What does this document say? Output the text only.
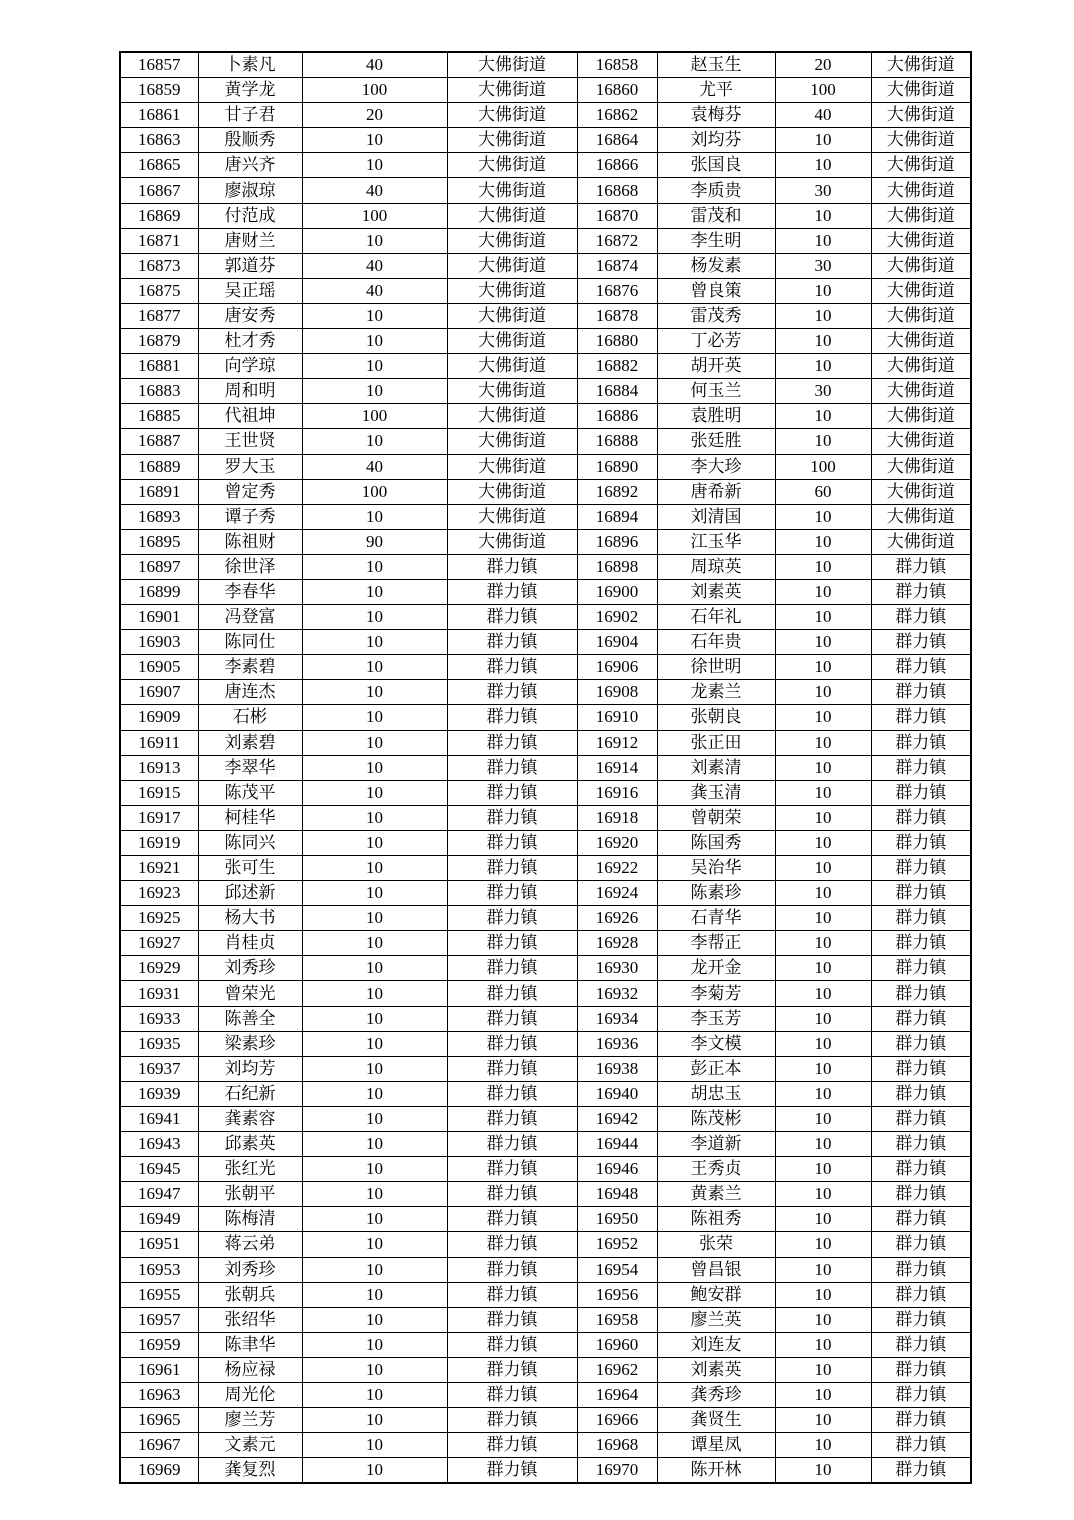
16857	卜素凡	40	大佛街道	16858	赵玉生	20	大佛街道
16859	黄学龙	100	大佛街道	16860	尤平	100	大佛街道
16861	甘子君	20	大佛街道	16862	袁梅芬	40	大佛街道
16863	殷顺秀	10	大佛街道	16864	刘均芬	10	大佛街道
16865	唐兴齐	10	大佛街道	16866	张国良	10	大佛街道
16867	廖淑琼	40	大佛街道	16868	李质贵	30	大佛街道
16869	付范成	100	大佛街道	16870	雷茂和	10	大佛街道
16871	唐财兰	10	大佛街道	16872	李生明	10	大佛街道
16873	郭道芬	40	大佛街道	16874	杨发素	30	大佛街道
16875	吴正瑶	40	大佛街道	16876	曾良策	10	大佛街道
16877	唐安秀	10	大佛街道	16878	雷茂秀	10	大佛街道
16879	杜才秀	10	大佛街道	16880	丁必芳	10	大佛街道
16881	向学琼	10	大佛街道	16882	胡开英	10	大佛街道
16883	周和明	10	大佛街道	16884	何玉兰	30	大佛街道
16885	代祖坤	100	大佛街道	16886	袁胜明	10	大佛街道
16887	王世贤	10	大佛街道	16888	张廷胜	10	大佛街道
16889	罗大玉	40	大佛街道	16890	李大珍	100	大佛街道
16891	曾定秀	100	大佛街道	16892	唐希新	60	大佛街道
16893	谭子秀	10	大佛街道	16894	刘清国	10	大佛街道
16895	陈祖财	90	大佛街道	16896	江玉华	10	大佛街道
16897	徐世泽	10	群力镇	16898	周琼英	10	群力镇
16899	李春华	10	群力镇	16900	刘素英	10	群力镇
16901	冯登富	10	群力镇	16902	石年礼	10	群力镇
16903	陈同仕	10	群力镇	16904	石年贵	10	群力镇
16905	李素碧	10	群力镇	16906	徐世明	10	群力镇
16907	唐连杰	10	群力镇	16908	龙素兰	10	群力镇
16909	石彬	10	群力镇	16910	张朝良	10	群力镇
16911	刘素碧	10	群力镇	16912	张正田	10	群力镇
16913	李翠华	10	群力镇	16914	刘素清	10	群力镇
16915	陈茂平	10	群力镇	16916	龚玉清	10	群力镇
16917	柯桂华	10	群力镇	16918	曾朝荣	10	群力镇
16919	陈同兴	10	群力镇	16920	陈国秀	10	群力镇
16921	张可生	10	群力镇	16922	吴治华	10	群力镇
16923	邱述新	10	群力镇	16924	陈素珍	10	群力镇
16925	杨大书	10	群力镇	16926	石青华	10	群力镇
16927	肖桂贞	10	群力镇	16928	李帮正	10	群力镇
16929	刘秀珍	10	群力镇	16930	龙开金	10	群力镇
16931	曾荣光	10	群力镇	16932	李菊芳	10	群力镇
16933	陈善全	10	群力镇	16934	李玉芳	10	群力镇
16935	梁素珍	10	群力镇	16936	李文模	10	群力镇
16937	刘均芳	10	群力镇	16938	彭正本	10	群力镇
16939	石纪新	10	群力镇	16940	胡忠玉	10	群力镇
16941	龚素容	10	群力镇	16942	陈茂彬	10	群力镇
16943	邱素英	10	群力镇	16944	李道新	10	群力镇
16945	张红光	10	群力镇	16946	王秀贞	10	群力镇
16947	张朝平	10	群力镇	16948	黄素兰	10	群力镇
16949	陈梅清	10	群力镇	16950	陈祖秀	10	群力镇
16951	蒋云弟	10	群力镇	16952	张荣	10	群力镇
16953	刘秀珍	10	群力镇	16954	曾昌银	10	群力镇
16955	张朝兵	10	群力镇	16956	鲍安群	10	群力镇
16957	张绍华	10	群力镇	16958	廖兰英	10	群力镇
16959	陈聿华	10	群力镇	16960	刘连友	10	群力镇
16961	杨应禄	10	群力镇	16962	刘素英	10	群力镇
16963	周光伦	10	群力镇	16964	龚秀珍	10	群力镇
16965	廖兰芳	10	群力镇	16966	龚贤生	10	群力镇
16967	文素元	10	群力镇	16968	谭星凤	10	群力镇
16969	龚复烈	10	群力镇	16970	陈开林	10	群力镇
